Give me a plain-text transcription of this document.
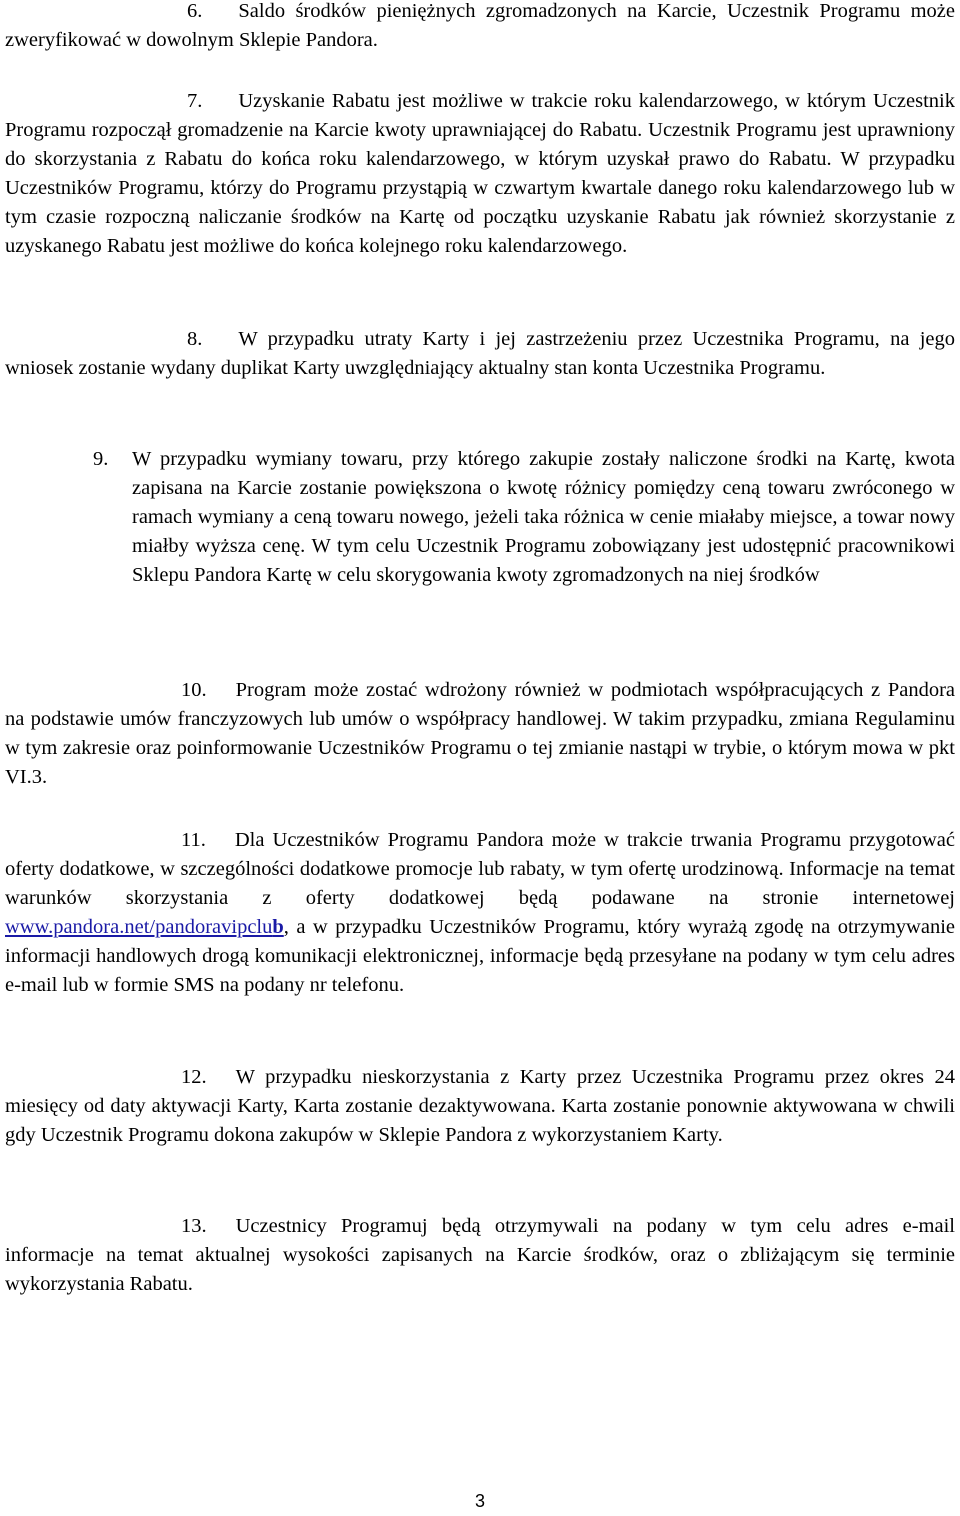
6. Saldo środków pieniężnych zgromadzonych na Karcie, Uczestnik Programu może zweryfikować w dowolnym Sklepie Pandora.

7. Uzyskanie Rabatu jest możliwe w trakcie roku kalendarzowego, w którym Uczestnik Programu rozpoczął gromadzenie na Karcie kwoty uprawniającej do Rabatu. Uczestnik Programu jest uprawniony do skorzystania z Rabatu do końca roku kalendarzowego, w którym uzyskał prawo do Rabatu. W przypadku Uczestników Programu, którzy do Programu przystąpią w czwartym kwartale danego roku kalendarzowego lub w tym czasie rozpoczną naliczanie środków na Kartę od początku uzyskanie Rabatu jak również skorzystanie z uzyskanego Rabatu jest możliwe do końca kolejnego roku kalendarzowego.

8. W przypadku utraty Karty i jej zastrzeżeniu przez Uczestnika Programu, na jego wniosek zostanie wydany duplikat Karty uwzględniający aktualny stan konta Uczestnika Programu.

9. W przypadku wymiany towaru, przy którego zakupie zostały naliczone środki na Kartę, kwota zapisana na Karcie zostanie powiększona o kwotę różnicy pomiędzy ceną towaru zwróconego w ramach wymiany a ceną towaru nowego, jeżeli taka różnica w cenie miałaby miejsce, a towar nowy miałby wyższa cenę. W tym celu Uczestnik Programu zobowiązany jest udostępnić pracownikowi Sklepu Pandora Kartę w celu skorygowania kwoty zgromadzonych na niej środków

10. Program może zostać wdrożony również w podmiotach współpracujących z Pandora na podstawie umów franczyzowych lub umów o współpracy handlowej. W takim przypadku, zmiana Regulaminu w tym zakresie oraz poinformowanie Uczestników Programu o tej zmianie nastąpi w trybie, o którym mowa w pkt VI.3.

11. Dla Uczestników Programu Pandora może w trakcie trwania Programu przygotować oferty dodatkowe, w szczególności dodatkowe promocje lub rabaty, w tym ofertę urodzinową. Informacje na temat warunków skorzystania z oferty dodatkowej będą podawane na stronie internetowej www.pandora.net/pandoravipclub, a w przypadku Uczestników Programu, który wyrażą zgodę na otrzymywanie informacji handlowych drogą komunikacji elektronicznej, informacje będą przesyłane na podany w tym celu adres e-mail lub w formie SMS na podany nr telefonu.

12. W przypadku nieskorzystania z Karty przez Uczestnika Programu przez okres 24 miesięcy od daty aktywacji Karty, Karta zostanie dezaktywowana. Karta zostanie ponownie aktywowana w chwili gdy Uczestnik Programu dokona zakupów w Sklepie Pandora z wykorzystaniem Karty.

13. Uczestnicy Programuj będą otrzymywali na podany w tym celu adres e-mail informacje na temat aktualnej wysokości zapisanych na Karcie środków, oraz o zbliżającym się terminie wykorzystania Rabatu.

3
